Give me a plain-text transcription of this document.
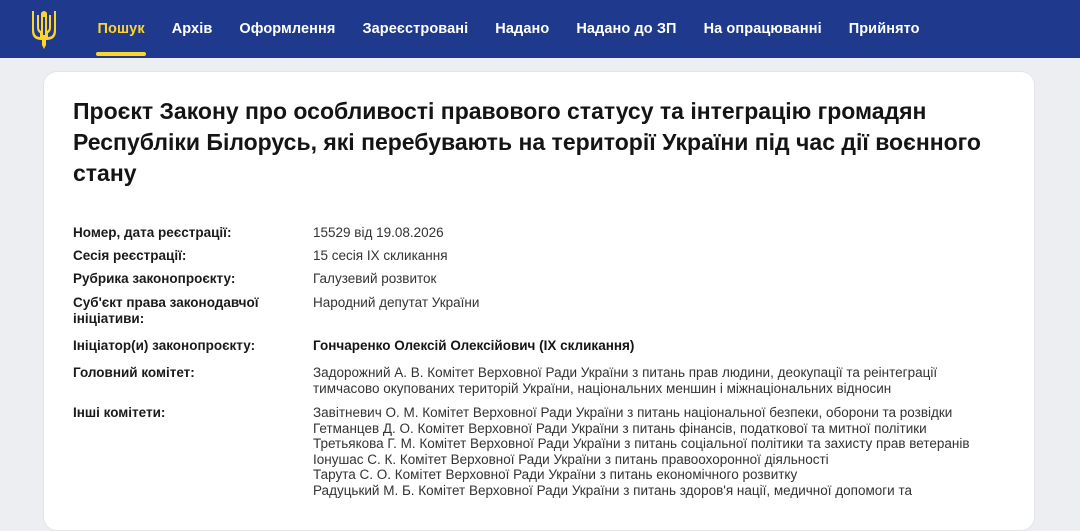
Пошук	Архів	Оформлення	Зареєстровані	Надано	Надано до ЗП	На опрацюванні	Прийнято
Проєкт Закону про особливості правового статусу та інтеграцію громадян Республіки Білорусь, які перебувають на території України під час дії воєнного стану
Номер, дата реєстрації:	15529 від 19.08.2026
Сесія реєстрації:	15 сесія IX скликання
Рубрика законопроєкту:	Галузевий розвиток
Суб'єкт права законодавчої ініціативи:
Народний депутат України
Ініціатор(и) законопроєкту:	Гончаренко Олексій Олексійович (IX скликання)
Головний комітет:	Задорожний А. В. Комітет Верховної Ради України з питань прав людини, деокупації та реінтеграції
тимчасово окупованих територій України, національних меншин і міжнаціональних відносин
Інші комітети:	Завітневич О. М. Комітет Верховної Ради України з питань національної безпеки, оборони та розвідки
Гетманцев Д. О. Комітет Верховної Ради України з питань фінансів, податкової та митної політики
Третьякова Г. М. Комітет Верховної Ради України з питань соціальної політики та захисту прав ветеранів
Іонушас С. К. Комітет Верховної Ради України з питань правоохоронної діяльності
Тарута С. О. Комітет Верховної Ради України з питань економічного розвитку
Радуцький М. Б. Комітет Верховної Ради України з питань здоров'я нації, медичної допомоги та
